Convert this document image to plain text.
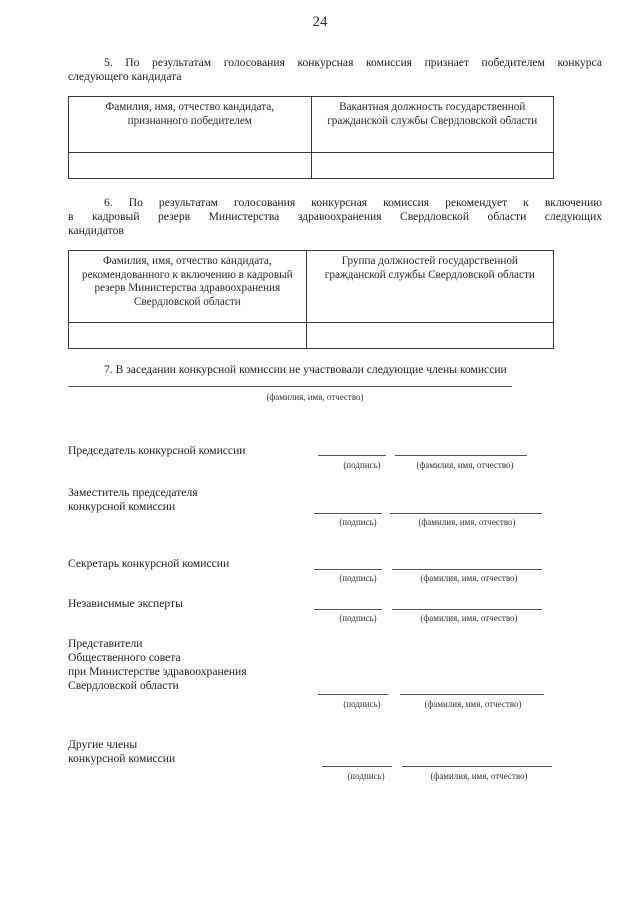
24
5. По результатам голосования конкурсная комиссия признает победителем конкурса
следующего кандидата
Фамилия, имя, отчество кандидата, признанного победителем	Вакантная должность государственной гражданской службы Свердловской области

6. По результатам голосования конкурсная комиссия рекомендует к включению
в кадровый резерв Министерства здравоохранения Свердловской области следующих
кандидатов
Фамилия, имя, отчество кандидата, рекомендованного к включению в кадровый резерв Министерства здравоохранения Свердловской области	Группа должностей государственной гражданской службы Свердловской области

7. В заседании конкурсной комиссии не участвовали следующие члены комиссии
(фамилия, имя, отчество)
Председатель конкурсной комиссии
(подпись)	(фамилия, имя, отчество)
Заместитель председателя
конкурсной комиссии
(подпись)	(фамилия, имя, отчество)
Секретарь конкурсной комиссии
(подпись)	(фамилия, имя, отчество)
Независимые эксперты
(подпись)	(фамилия, имя, отчество)
Представители
Общественного совета
при Министерстве здравоохранения
Свердловской области
(подпись)	(фамилия, имя, отчество)
Другие члены
конкурсной комиссии
(подпись)	(фамилия, имя, отчество)
